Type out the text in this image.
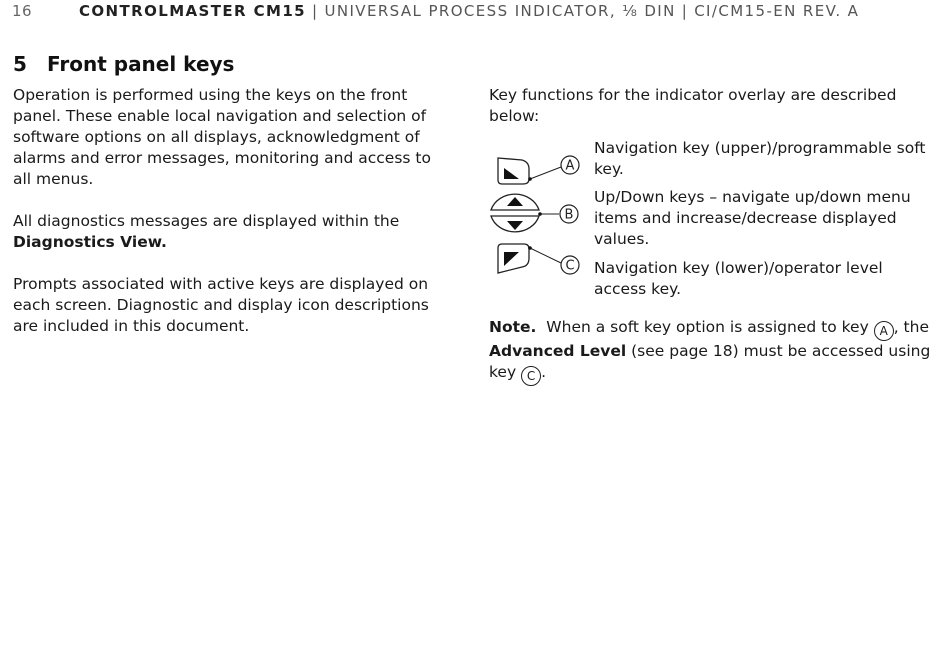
16	CONTROLMASTER CM15 | UNIVERSAL PROCESS INDICATOR, ⅛ DIN | CI/CM15-EN REV. A
5 Front panel keys

Operation is performed using the keys on the front panel. These enable local navigation and selection of software options on all displays, acknowledgment of alarms and error messages, monitoring and access to all menus.

All diagnostics messages are displayed within the Diagnostics View.

Prompts associated with active keys are displayed on each screen. Diagnostic and display icon descriptions are included in this document.

Key functions for the indicator overlay are described below:

A
B
C
Navigation key (upper)/programmable soft key.
Up/Down keys – navigate up/down menu items and increase/decrease displayed values.
Navigation key (lower)/operator level access key.
Note. When a soft key option is assigned to key A , the Advanced Level (see page 18) must be accessed using key C .
